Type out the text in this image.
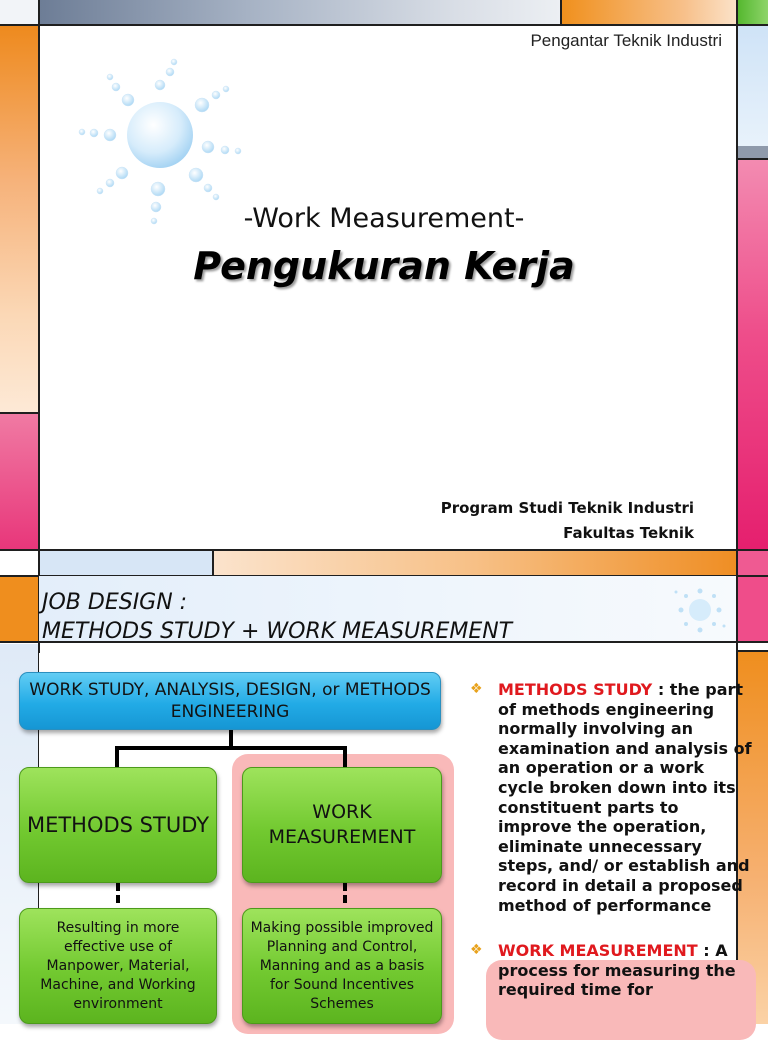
Pengantar Teknik Industri
-Work Measurement-
Pengukuran Kerja
Program Studi Teknik Industri
Fakultas Teknik
JOB DESIGN :
METHODS STUDY + WORK MEASUREMENT
WORK STUDY, ANALYSIS, DESIGN, or METHODS ENGINEERING
METHODS STUDY
WORK MEASUREMENT
Resulting in more effective use of Manpower, Material, Machine, and Working environment
Making possible improved Planning and Control, Manning and as a basis for Sound Incentives Schemes
❖ METHODS STUDY : the part of methods engineering normally involving an examination and analysis of an operation or a work cycle broken down into its constituent parts to improve the operation, eliminate unnecessary steps, and/ or establish and record in detail a proposed method of performance
❖ WORK MEASUREMENT : A process for measuring the required time for
